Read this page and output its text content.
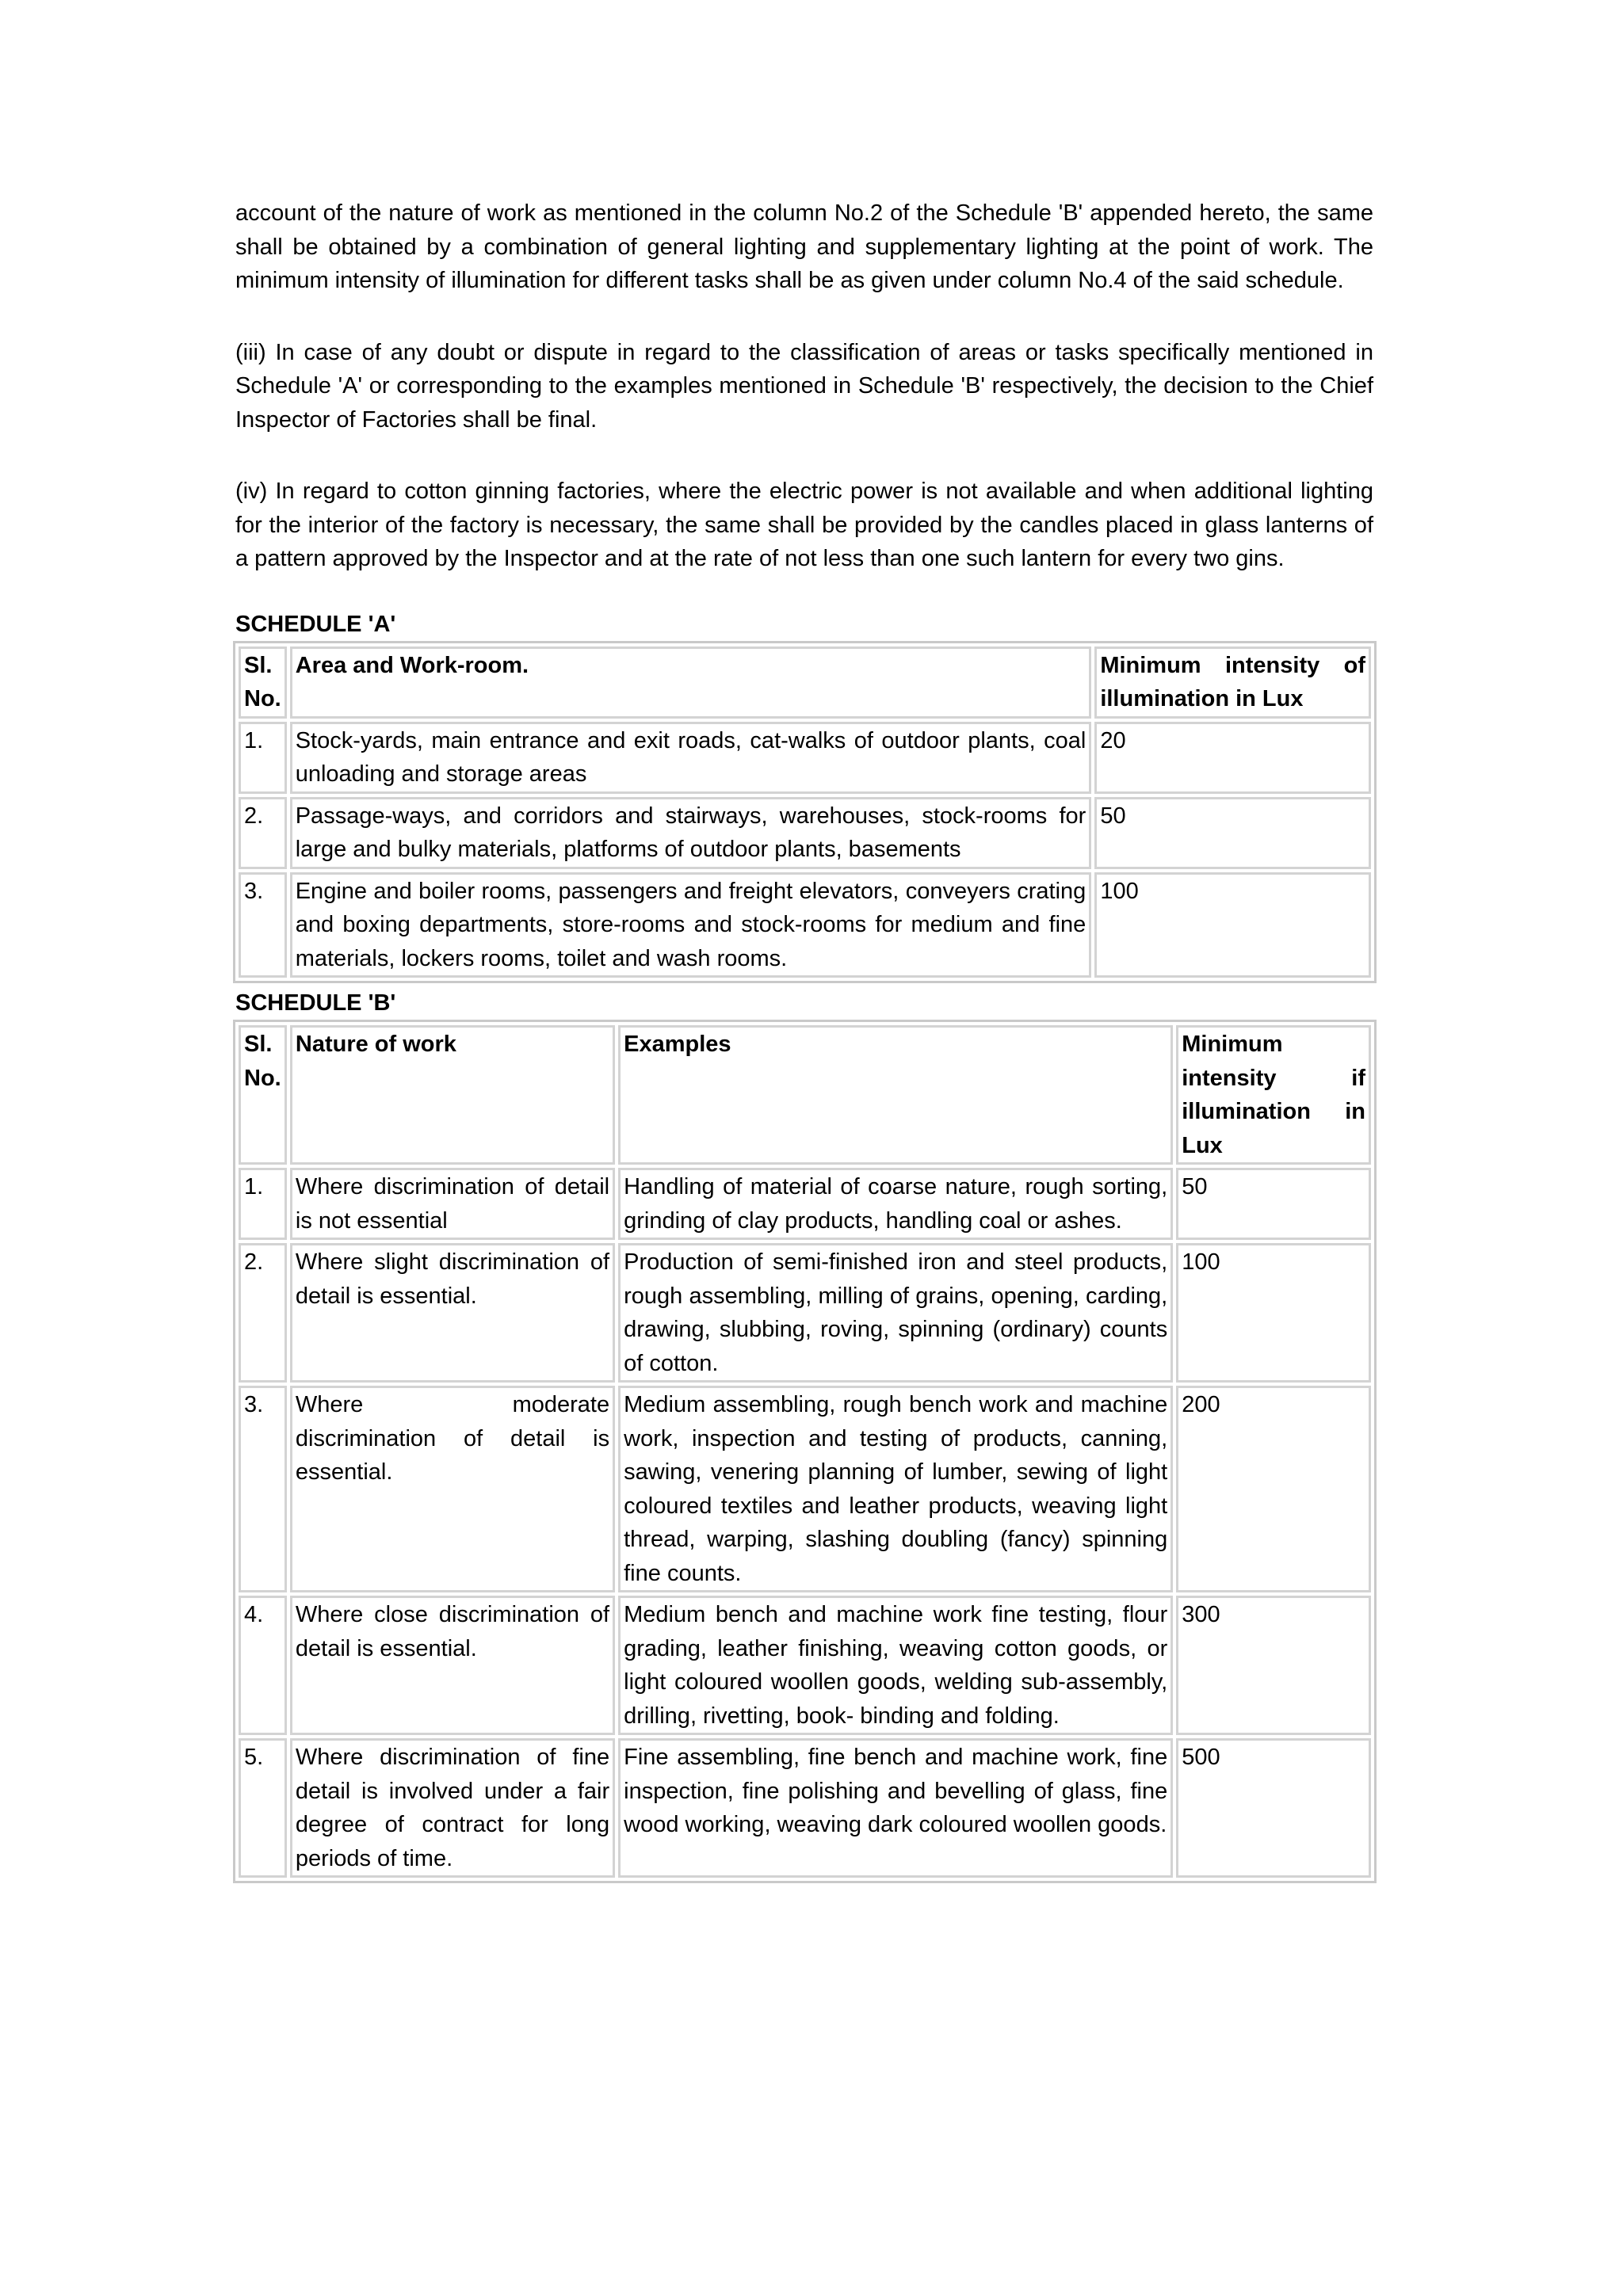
account of the nature of work as mentioned in the column No.2 of the Schedule 'B' appended hereto, the same shall be obtained by a combination of general lighting and supplementary lighting at the point of work. The minimum intensity of illumination for different tasks shall be as given under column No.4 of the said schedule.

(iii) In case of any doubt or dispute in regard to the classification of areas or tasks specifically mentioned in Schedule 'A' or corresponding to the examples mentioned in Schedule 'B' respectively, the decision to the Chief Inspector of Factories shall be final.

(iv) In regard to cotton ginning factories, where the electric power is not available and when additional lighting for the interior of the factory is necessary, the same shall be provided by the candles placed in glass lanterns of a pattern approved by the Inspector and at the rate of not less than one such lantern for every two gins.

SCHEDULE 'A'
Sl. No.	Area and Work-room.	Minimum intensity of illumination in Lux
1.	Stock-yards, main entrance and exit roads, cat-walks of outdoor plants, coal unloading and storage areas	20
2.	Passage-ways, and corridors and stairways, warehouses, stock-rooms for large and bulky materials, platforms of outdoor plants, basements	50
3.	Engine and boiler rooms, passengers and freight elevators, conveyers crating and boxing departments, store-rooms and stock-rooms for medium and fine materials, lockers rooms, toilet and wash rooms.	100
SCHEDULE 'B'
Sl. No.	Nature of work	Examples	Minimum intensity if illumination in Lux
1.	Where discrimination of detail is not essential	Handling of material of coarse nature, rough sorting, grinding of clay products, handling coal or ashes.	50
2.	Where slight discrimination of detail is essential.	Production of semi-finished iron and steel products, rough assembling, milling of grains, opening, carding, drawing, slubbing, roving, spinning (ordinary) counts of cotton.	100
3.	Where moderate discrimination of detail is essential.	Medium assembling, rough bench work and machine work, inspection and testing of products, canning, sawing, venering planning of lumber, sewing of light coloured textiles and leather products, weaving light thread, warping, slashing doubling (fancy) spinning fine counts.	200
4.	Where close discrimination of detail is essential.	Medium bench and machine work fine testing, flour grading, leather finishing, weaving cotton goods, or light coloured woollen goods, welding sub-assembly, drilling, rivetting, book- binding and folding.	300
5.	Where discrimination of fine detail is involved under a fair degree of contract for long periods of time.	Fine assembling, fine bench and machine work, fine inspection, fine polishing and bevelling of glass, fine wood working, weaving dark coloured woollen goods.	500
